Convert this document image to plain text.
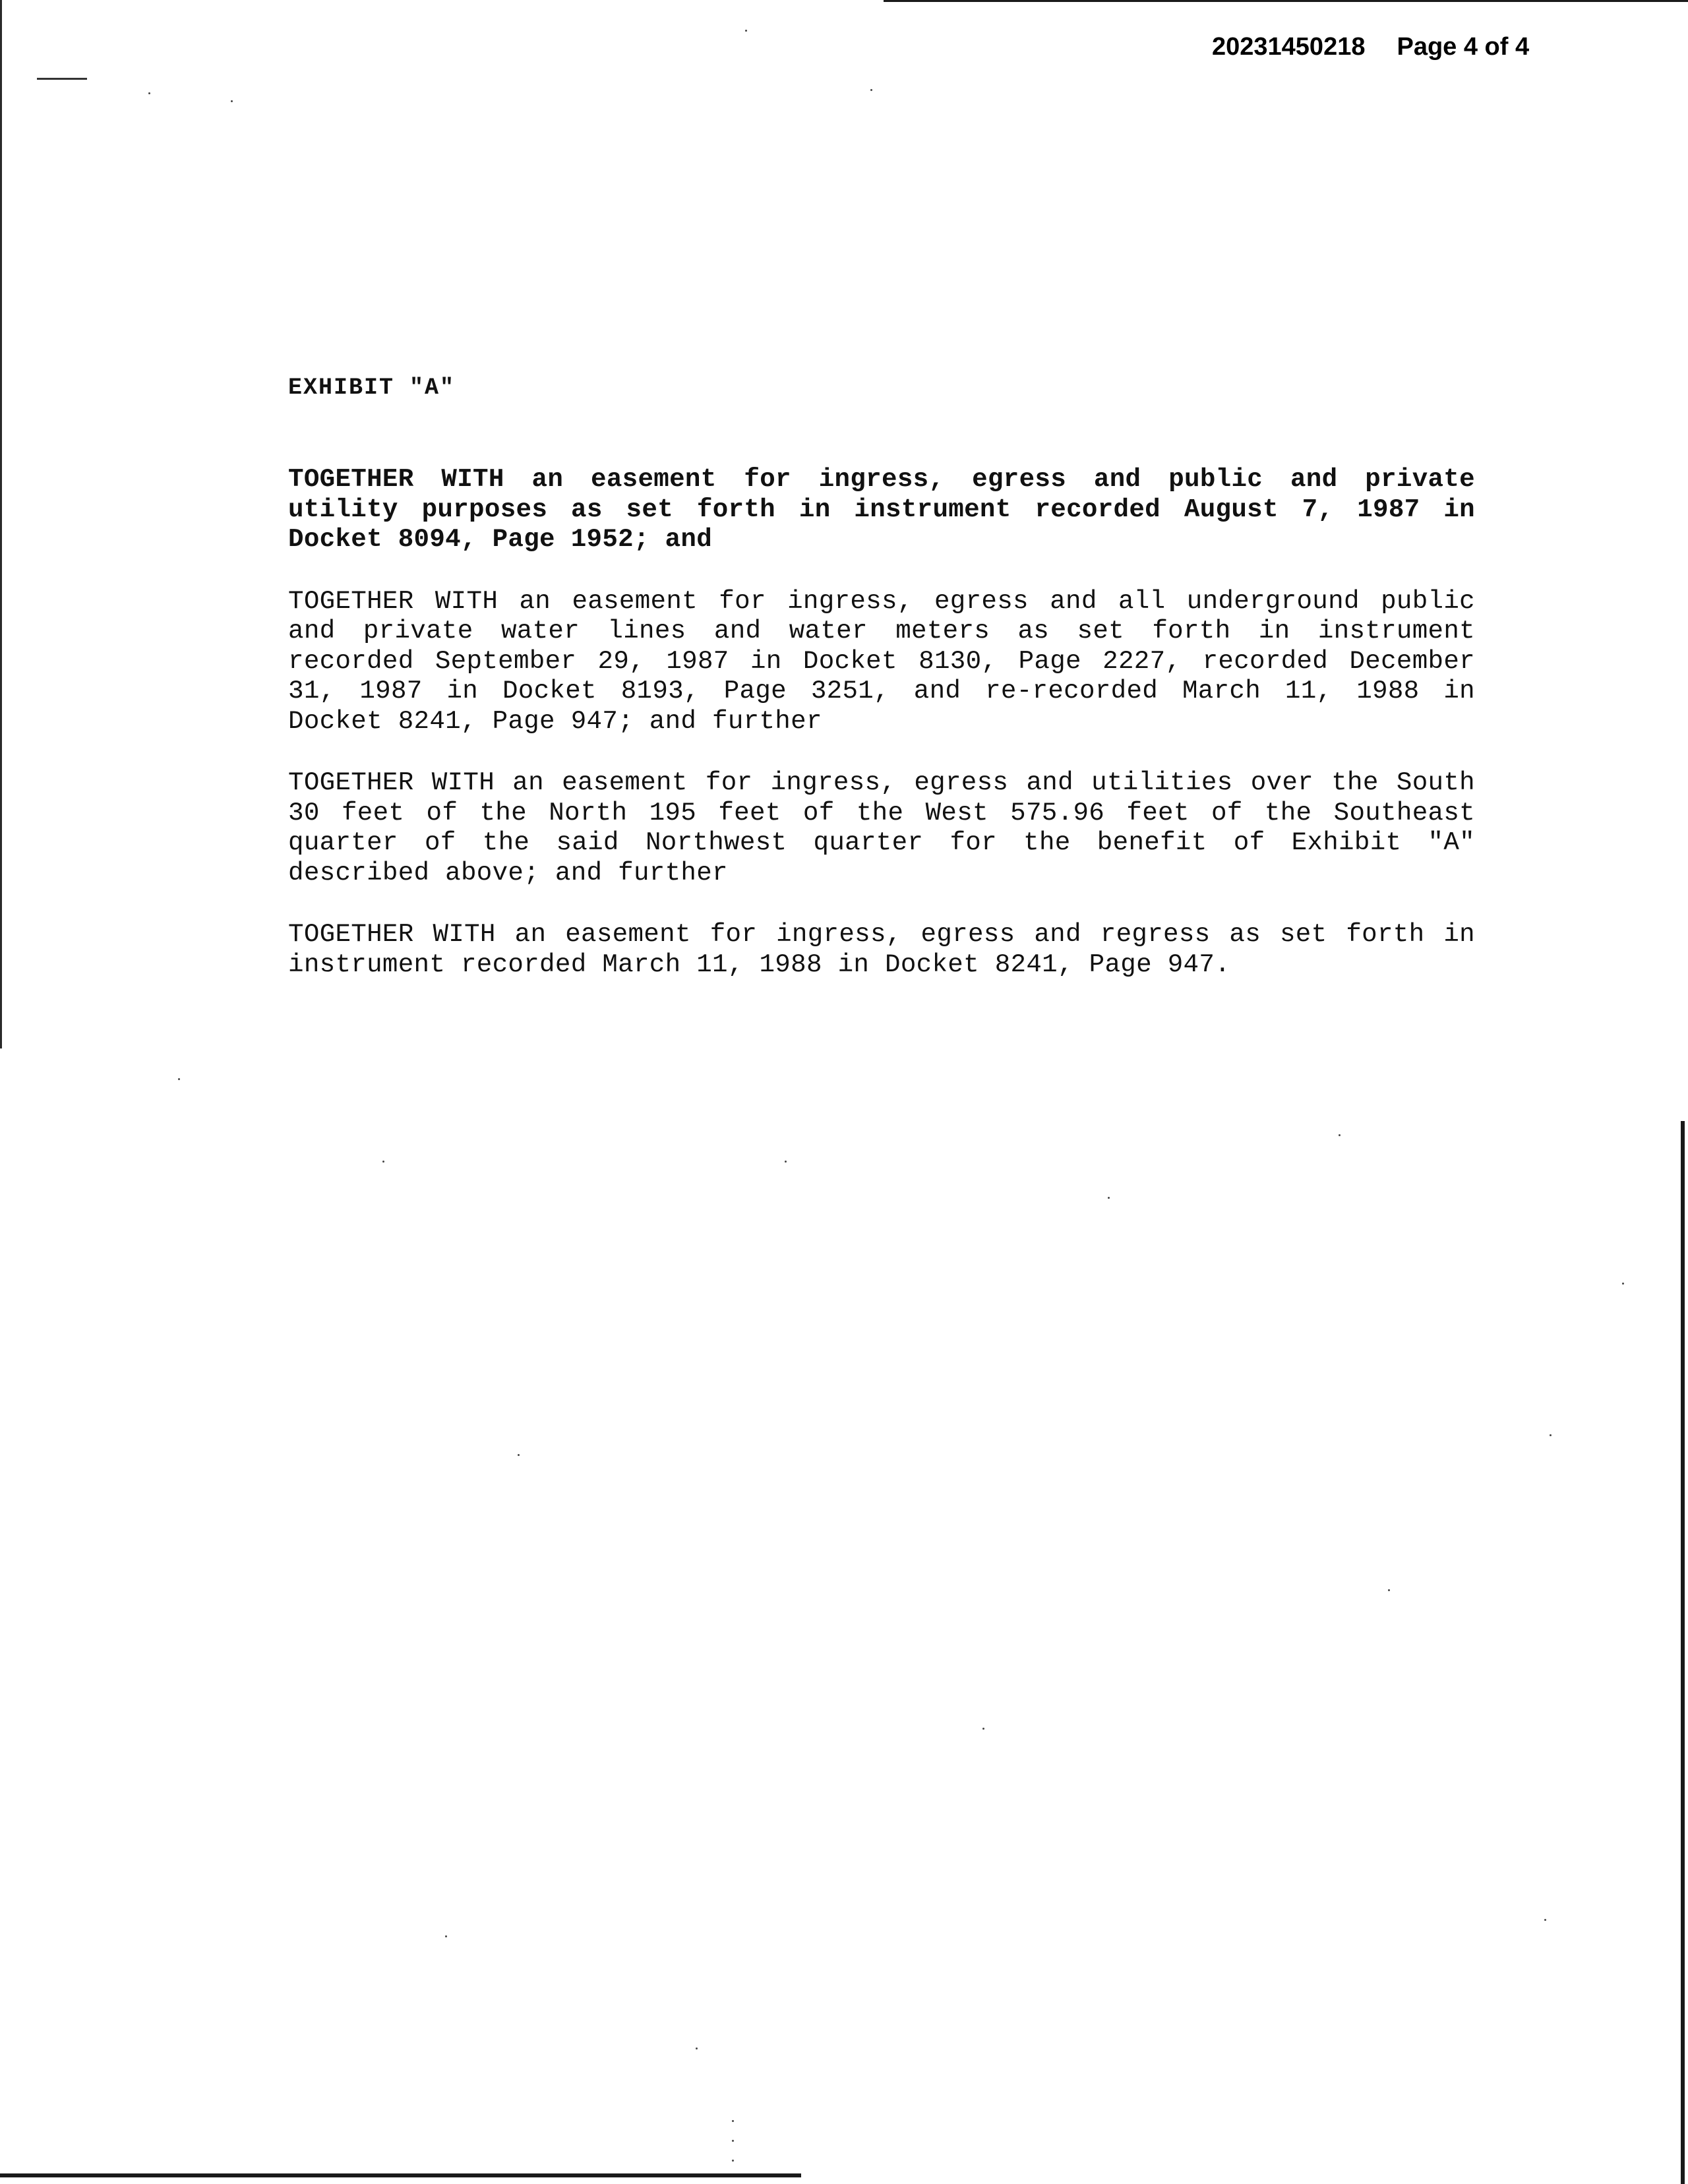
20231450218 Page 4 of 4
EXHIBIT "A"

TOGETHER WITH an easement for ingress, egress and public and private utility purposes as set forth in instrument recorded August 7, 1987 in Docket 8094, Page 1952; and

TOGETHER WITH an easement for ingress, egress and all underground public and private water lines and water meters as set forth in instrument recorded September 29, 1987 in Docket 8130, Page 2227, recorded December 31, 1987 in Docket 8193, Page 3251, and re-recorded March 11, 1988 in Docket 8241, Page 947; and further

TOGETHER WITH an easement for ingress, egress and utilities over the South 30 feet of the North 195 feet of the West 575.96 feet of the Southeast quarter of the said Northwest quarter for the benefit of Exhibit "A" described above; and further

TOGETHER WITH an easement for ingress, egress and regress as set forth in instrument recorded March 11, 1988 in Docket 8241, Page 947.
